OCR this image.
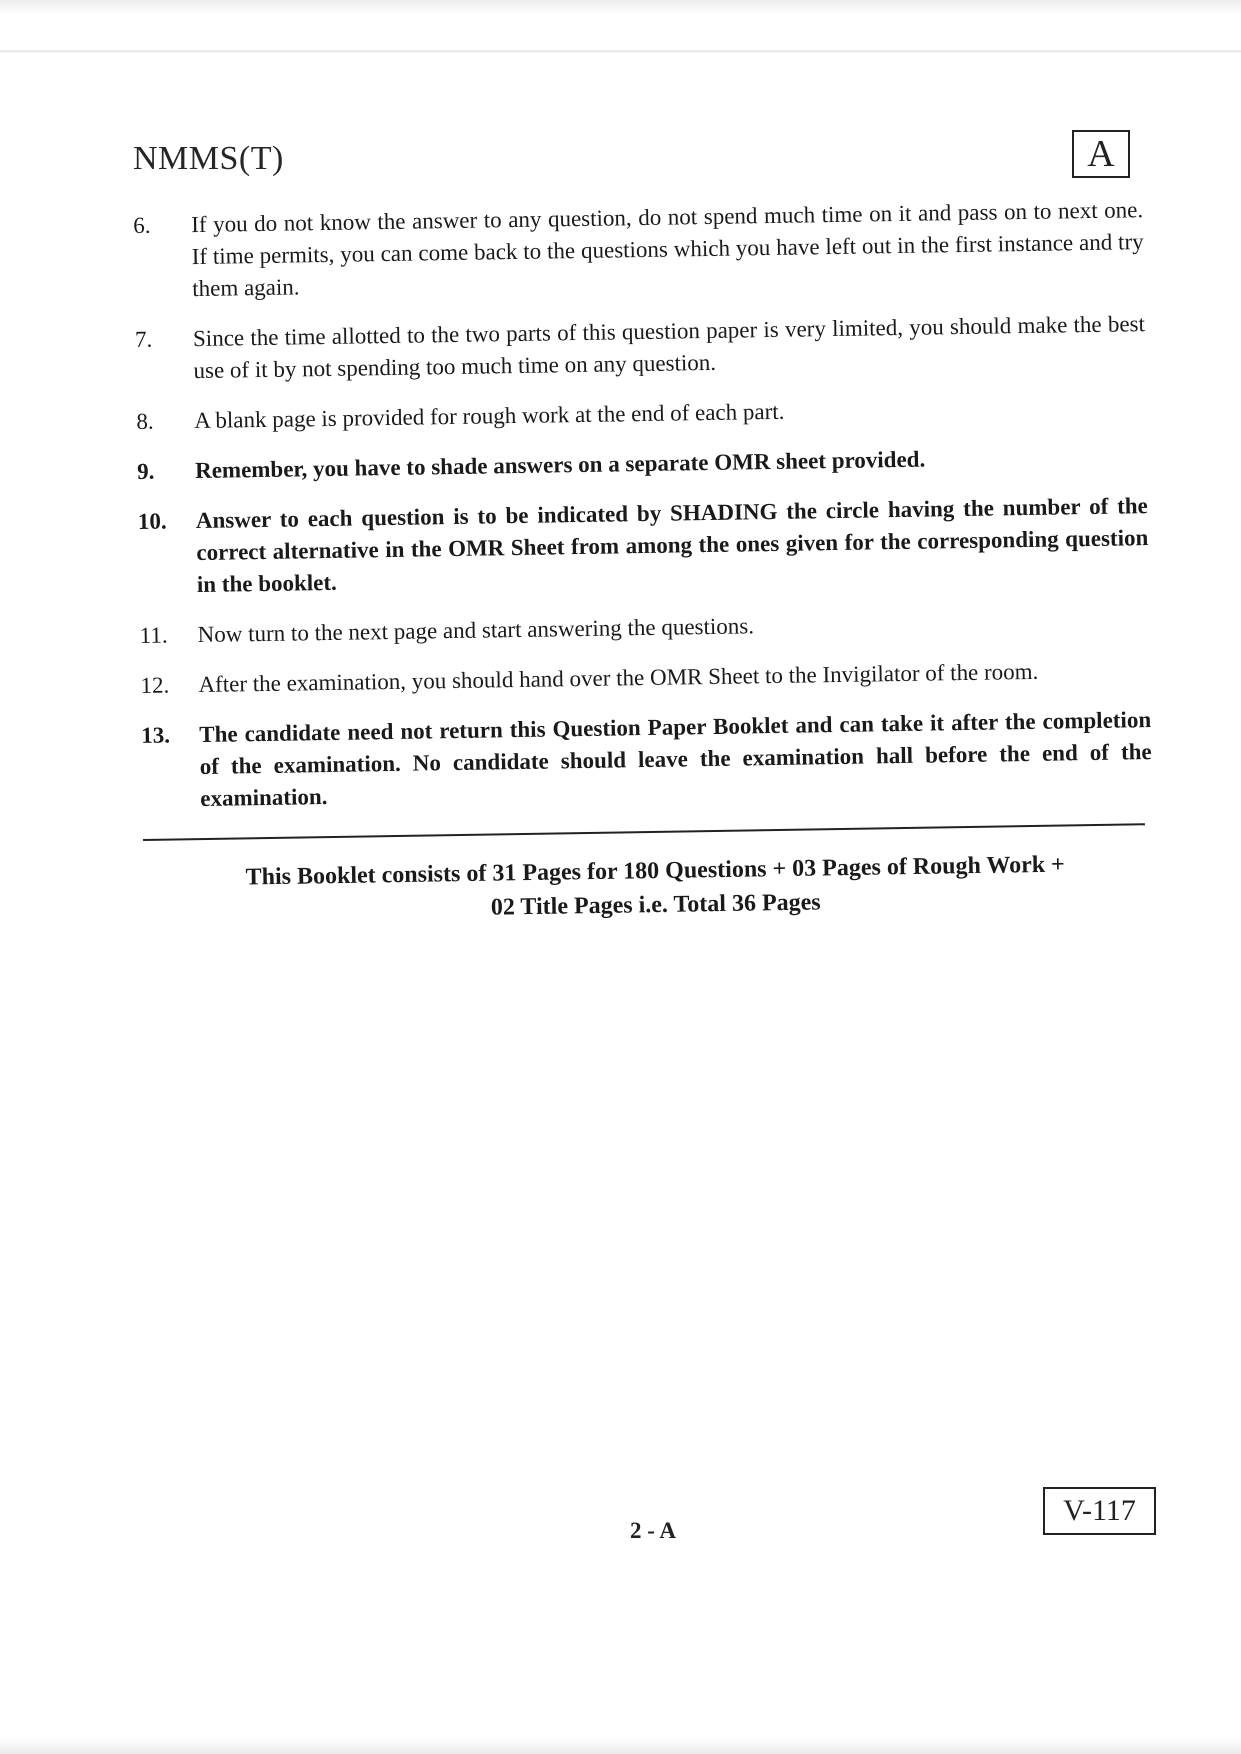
NMMS(T)	A
6.	If you do not know the answer to any question, do not spend much time on it and pass on to next one. If time permits, you can come back to the questions which you have left out in the first instance and try them again.
7.	Since the time allotted to the two parts of this question paper is very limited, you should make the best use of it by not spending too much time on any question.
8.	A blank page is provided for rough work at the end of each part.
9.	Remember, you have to shade answers on a separate OMR sheet provided.
10.	Answer to each question is to be indicated by SHADING the circle having the number of the correct alternative in the OMR Sheet from among the ones given for the corresponding question in the booklet.
11.	Now turn to the next page and start answering the questions.
12.	After the examination, you should hand over the OMR Sheet to the Invigilator of the room.
13.	The candidate need not return this Question Paper Booklet and can take it after the completion of the examination. No candidate should leave the examination hall before the end of the examination.
This Booklet consists of 31 Pages for 180 Questions + 03 Pages of Rough Work +
02 Title Pages i.e. Total 36 Pages
2 - A
V-117
